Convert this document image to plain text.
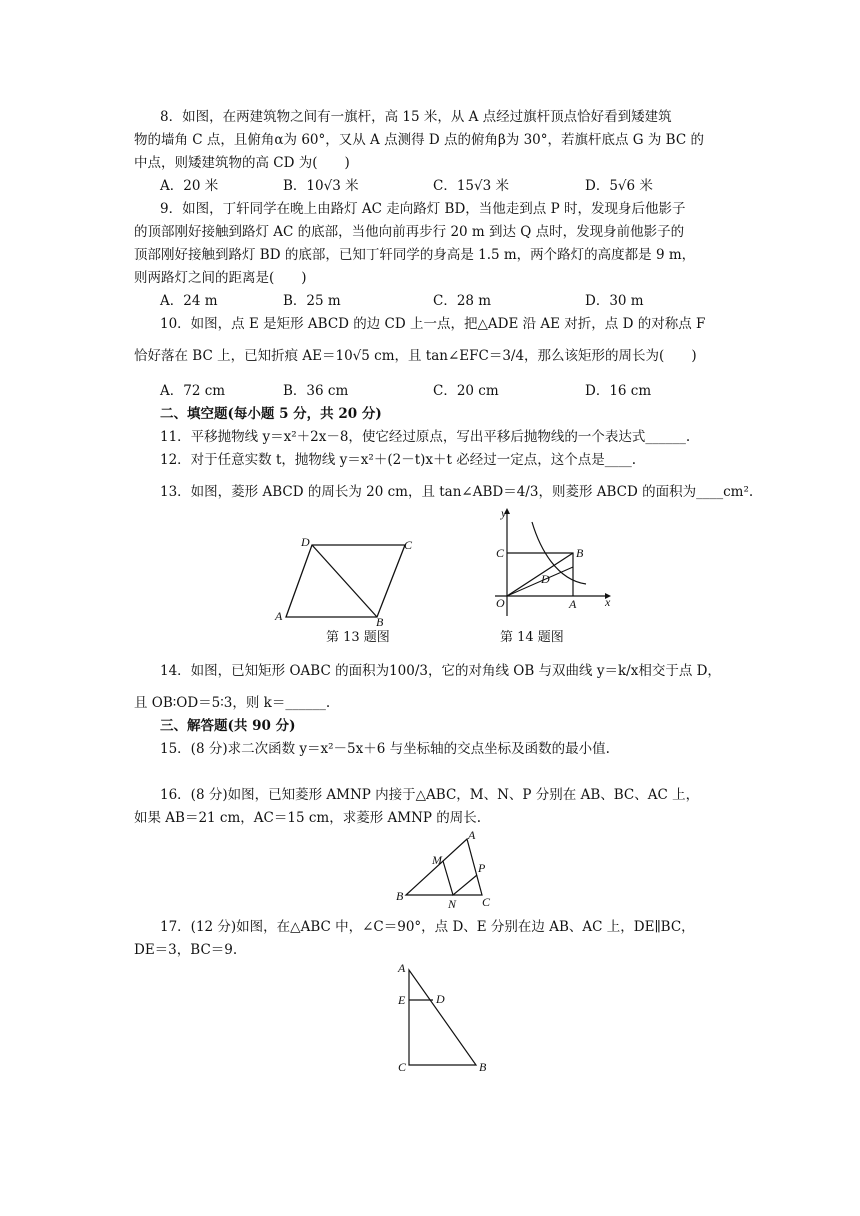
8．如图，在两建筑物之间有一旗杆，高 15 米，从 A 点经过旗杆顶点恰好看到矮建筑
物的墙角 C 点，且俯角α为 60°，又从 A 点测得 D 点的俯角β为 30°，若旗杆底点 G 为 BC 的
中点，则矮建筑物的高 CD 为(　　)
A．20 米	B．10√3 米	C．15√3 米	D．5√6 米
9．如图，丁轩同学在晚上由路灯 AC 走向路灯 BD，当他走到点 P 时，发现身后他影子
的顶部刚好接触到路灯 AC 的底部，当他向前再步行 20 m 到达 Q 点时，发现身前他影子的
顶部刚好接触到路灯 BD 的底部，已知丁轩同学的身高是 1.5 m，两个路灯的高度都是 9 m，
则两路灯之间的距离是(　　)
A．24 m	B．25 m	C．28 m	D．30 m
10．如图，点 E 是矩形 ABCD 的边 CD 上一点，把△ADE 沿 AE 对折，点 D 的对称点 F
恰好落在 BC 上，已知折痕 AE＝10√5 cm，且 tan∠EFC＝3/4，那么该矩形的周长为(　　)
A．72 cm	B．36 cm	C．20 cm	D．16 cm
二、填空题(每小题 5 分，共 20 分)
11．平移抛物线 y＝x²＋2x－8，使它经过原点，写出平移后抛物线的一个表达式______.
12．对于任意实数 t，抛物线 y＝x²＋(2－t)x＋t 必经过一定点，这个点是____.
13．如图，菱形 ABCD 的周长为 20 cm，且 tan∠ABD＝4/3，则菱形 ABCD 的面积为____cm².
A
D	C
B
第 13 题图
y
x
O	A
B
C
D
第 14 题图
14．如图，已知矩形 OABC 的面积为100/3，它的对角线 OB 与双曲线 y＝k/x相交于点 D，
且 OB∶OD＝5∶3，则 k＝______.
三、解答题(共 90 分)
15．(8 分)求二次函数 y＝x²－5x＋6 与坐标轴的交点坐标及函数的最小值.
16．(8 分)如图，已知菱形 AMNP 内接于△ABC，M、N、P 分别在 AB、BC、AC 上，
如果 AB＝21 cm，AC＝15 cm，求菱形 AMNP 的周长.
A
M
P
B
N C
17．(12 分)如图，在△ABC 中，∠C＝90°，点 D、E 分别在边 AB、AC 上，DE∥BC，
DE＝3，BC＝9.
A
E	D
C	B
